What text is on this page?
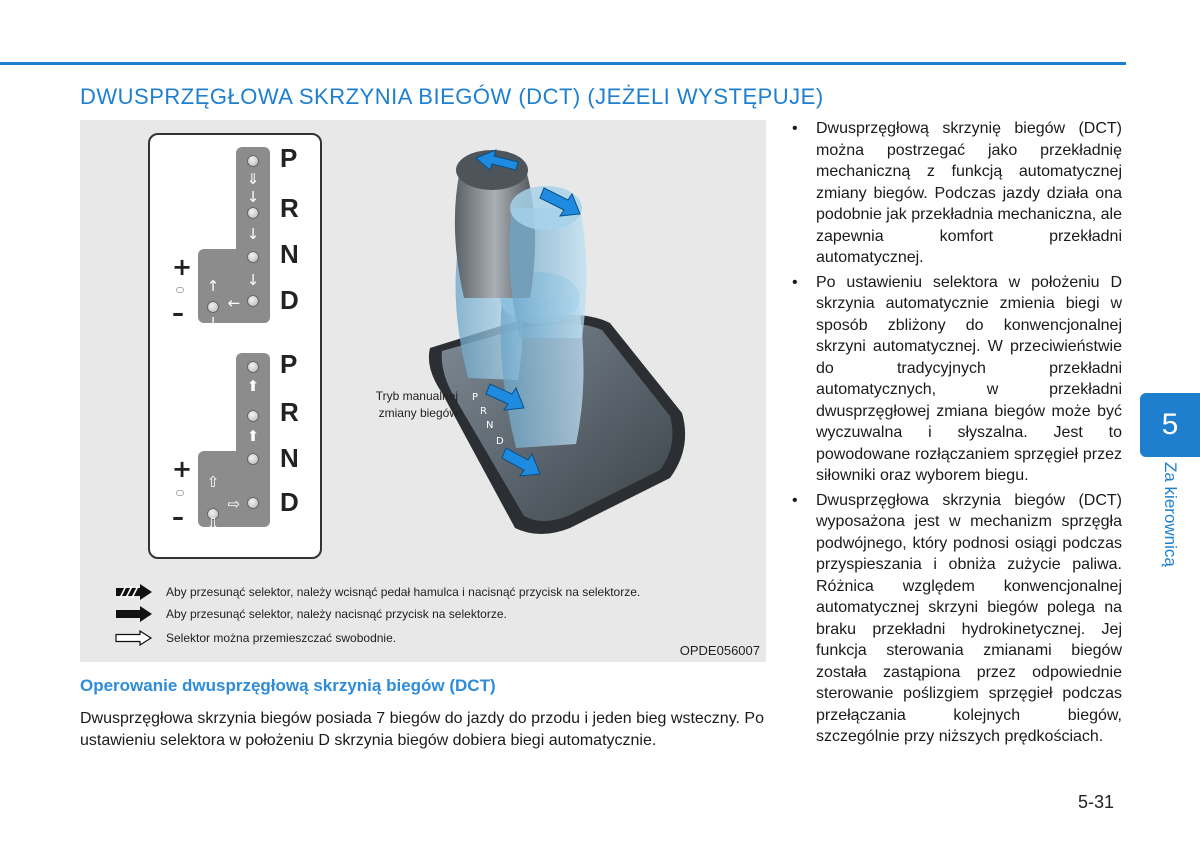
DWUSPRZĘGŁOWA SKRZYNIA BIEGÓW (DCT) (JEŻELI WYSTĘPUJE)
⇓
↓
↓
↓
←
↑
↓
P
R
N
D
+
–
⬆
⬆
⇨
⇧
⇩
P
R
N
D
+
–
P
R
N
D
Tryb manualnej zmiany biegów
Aby przesunąć selektor, należy wcisnąć pedał hamulca i nacisnąć przycisk na selektorze.
Aby przesunąć selektor, należy nacisnąć przycisk na selektorze.
Selektor można przemieszczać swobodnie.
OPDE056007
Operowanie dwusprzęgłową skrzynią biegów (DCT)

Dwusprzęgłowa skrzynia biegów posiada 7 biegów do jazdy do przodu i jeden bieg wsteczny. Po ustawieniu selektora w położeniu D skrzynia biegów dobiera biegi automatycznie.

• Dwusprzęgłową skrzynię biegów (DCT) można postrzegać jako przekładnię mechaniczną z funkcją automatycznej zmiany biegów. Podczas jazdy działa ona podobnie jak przekładnia mechaniczna, ale zapewnia komfort przekładni automatycznej.
• Po ustawieniu selektora w położeniu D skrzynia automatycznie zmienia biegi w sposób zbliżony do konwencjonalnej skrzyni automatycznej. W przeciwieństwie do tradycyjnych przekładni automatycznych, w przekładni dwusprzęgłowej zmiana biegów może być wyczuwalna i słyszalna. Jest to powodowane rozłączaniem sprzęgieł przez siłowniki oraz wyborem biegu.
• Dwusprzęgłowa skrzynia biegów (DCT) wyposażona jest w mechanizm sprzęgła podwójnego, który podnosi osiągi podczas przyspieszania i obniża zużycie paliwa. Różnica względem konwencjonalnej automatycznej skrzyni biegów polega na braku przekładni hydrokinetycznej. Jej funkcja sterowania zmianami biegów została zastąpiona przez odpowiednie sterowanie poślizgiem sprzęgieł podczas przełączania kolejnych biegów, szczególnie przy niższych prędkościach.
5
Za kierownicą
5-31
